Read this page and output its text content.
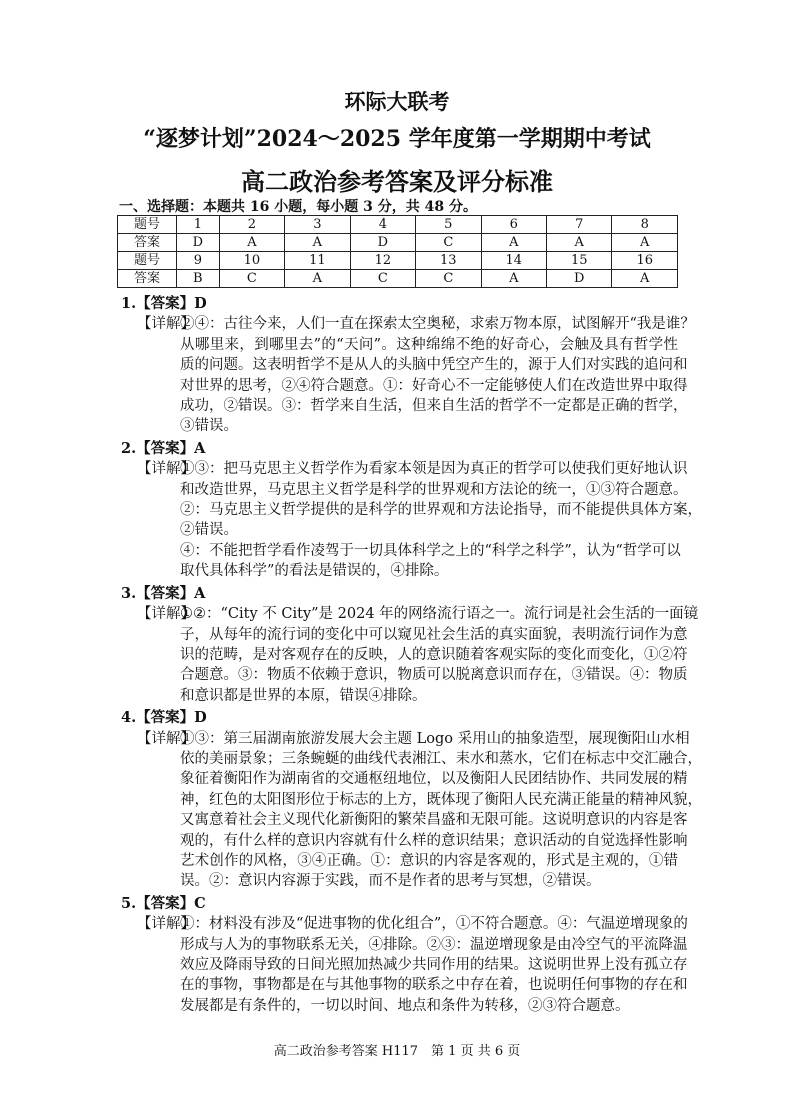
环际大联考
“逐梦计划”2024～2025 学年度第一学期期中考试
高二政治参考答案及评分标准
一、选择题：本题共 16 小题，每小题 3 分，共 48 分。
题号	1	2	3	4	5	6	7	8
答案	D	A	A	D	C	A	A	A
题号	9	10	11	12	13	14	15	16
答案	B	C	A	C	C	A	D	A
1.【答案】D
【详解】
②④：古往今来，人们一直在探索太空奥秘，求索万物本原，试图解开“我是谁？
从哪里来，到哪里去”的“天问”。这种绵绵不绝的好奇心，会触及具有哲学性
质的问题。这表明哲学不是从人的头脑中凭空产生的，源于人们对实践的追问和
对世界的思考，②④符合题意。①：好奇心不一定能够使人们在改造世界中取得
成功，②错误。③：哲学来自生活，但来自生活的哲学不一定都是正确的哲学，
③错误。
2.【答案】A
【详解】
①③：把马克思主义哲学作为看家本领是因为真正的哲学可以使我们更好地认识
和改造世界，马克思主义哲学是科学的世界观和方法论的统一，①③符合题意。
②：马克思主义哲学提供的是科学的世界观和方法论指导，而不能提供具体方案，
②错误。
④：不能把哲学看作凌驾于一切具体科学之上的“科学之科学”，认为“哲学可以
取代具体科学”的看法是错误的，④排除。
3.【答案】A
【详解】
①②：“City 不 City”是 2024 年的网络流行语之一。流行词是社会生活的一面镜
子，从每年的流行词的变化中可以窥见社会生活的真实面貌，表明流行词作为意
识的范畴，是对客观存在的反映，人的意识随着客观实际的变化而变化，①②符
合题意。③：物质不依赖于意识，物质可以脱离意识而存在，③错误。④：物质
和意识都是世界的本原，错误④排除。
4.【答案】D
【详解】
①③：第三届湖南旅游发展大会主题 Logo 采用山的抽象造型，展现衡阳山水相
依的美丽景象；三条蜿蜒的曲线代表湘江、耒水和蒸水，它们在标志中交汇融合，
象征着衡阳作为湖南省的交通枢纽地位，以及衡阳人民团结协作、共同发展的精
神，红色的太阳图形位于标志的上方，既体现了衡阳人民充满正能量的精神风貌，
又寓意着社会主义现代化新衡阳的繁荣昌盛和无限可能。这说明意识的内容是客
观的，有什么样的意识内容就有什么样的意识结果；意识活动的自觉选择性影响
艺术创作的风格，③④正确。①：意识的内容是客观的，形式是主观的，①错
误。②：意识内容源于实践，而不是作者的思考与冥想，②错误。
5.【答案】C
【详解】
①：材料没有涉及“促进事物的优化组合”，①不符合题意。④：气温逆增现象的
形成与人为的事物联系无关，④排除。②③：温逆增现象是由冷空气的平流降温
效应及降雨导致的日间光照加热减少共同作用的结果。这说明世界上没有孤立存
在的事物，事物都是在与其他事物的联系之中存在着，也说明任何事物的存在和
发展都是有条件的，一切以时间、地点和条件为转移，②③符合题意。
高二政治参考答案 H117　第 1 页 共 6 页
